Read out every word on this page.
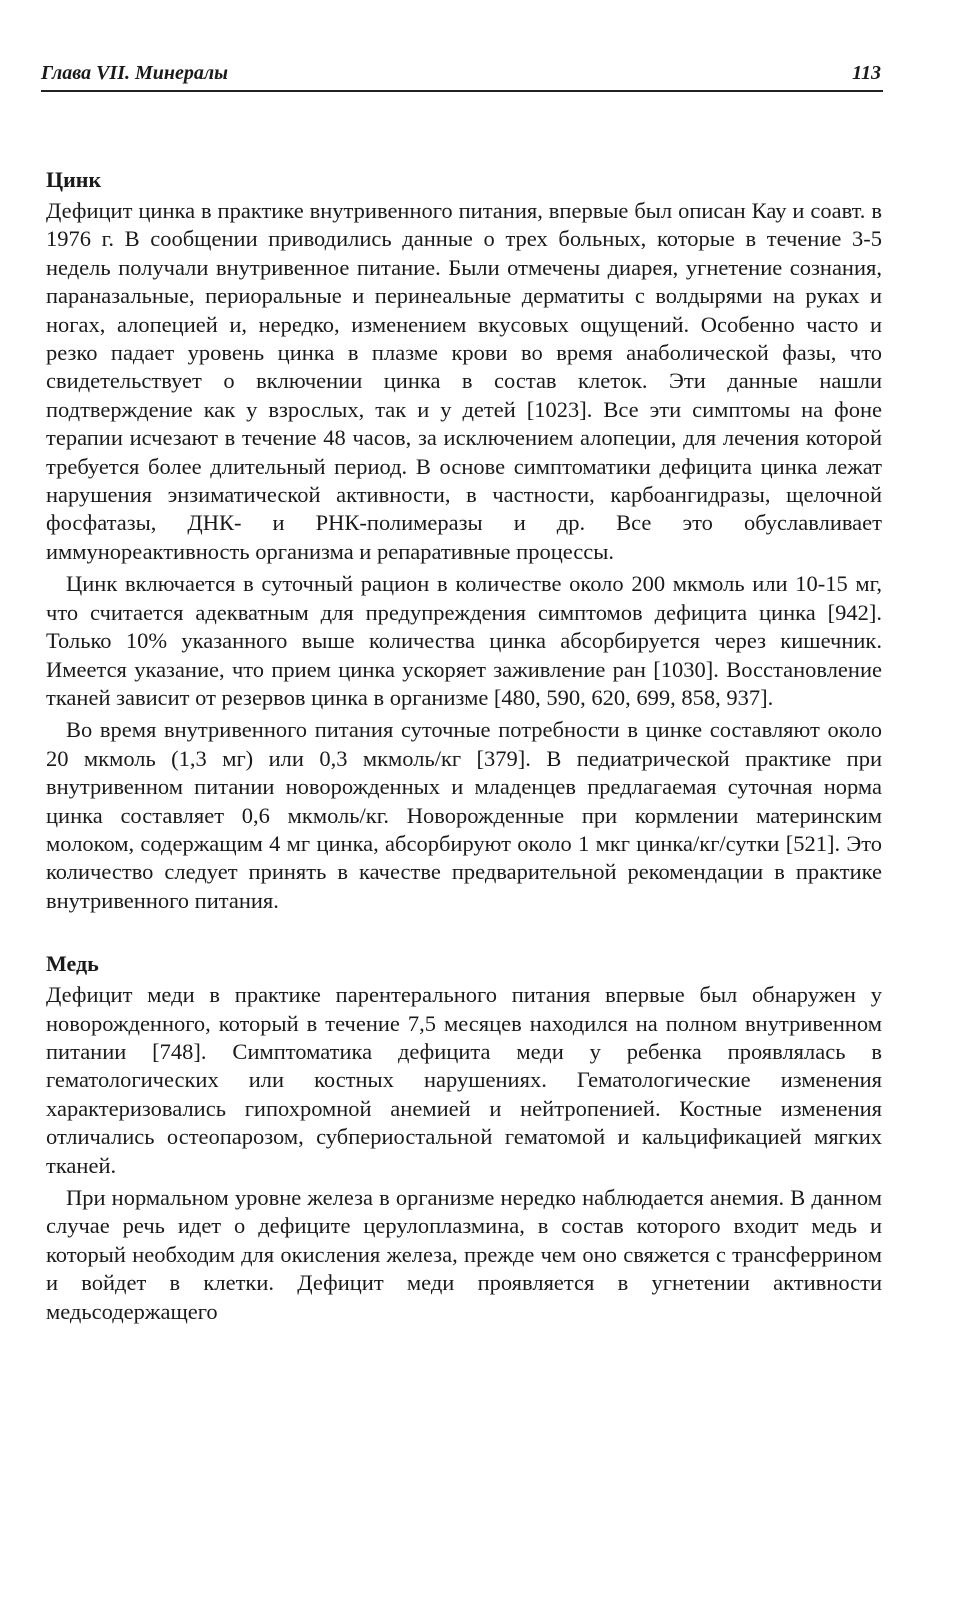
Глава VII. Минералы	113
Цинк

Дефицит цинка в практике внутривенного питания, впервые был описан Кау и соавт. в 1976 г. В сообщении приводились данные о трех больных, которые в течение 3-5 недель получали внутривенное питание. Были отмечены диарея, угнетение сознания, параназальные, периоральные и перинеальные дерматиты с волдырями на руках и ногах, алопецией и, нередко, изменением вкусовых ощущений. Особенно часто и резко падает уровень цинка в плазме крови во время анаболической фазы, что свидетельствует о включении цинка в состав клеток. Эти данные нашли подтверждение как у взрослых, так и у детей [1023]. Все эти симптомы на фоне терапии исчезают в течение 48 часов, за исключением алопеции, для лечения которой требуется более длительный период. В основе симптоматики дефицита цинка лежат нарушения энзиматической активности, в частности, карбоангидразы, щелочной фосфатазы, ДНК- и РНК-полимеразы и др. Все это обуславливает иммунореактивность организма и репаративные процессы.

Цинк включается в суточный рацион в количестве около 200 мкмоль или 10-15 мг, что считается адекватным для предупреждения симптомов дефицита цинка [942]. Только 10% указанного выше количества цинка абсорбируется через кишечник. Имеется указание, что прием цинка ускоряет заживление ран [1030]. Восстановление тканей зависит от резервов цинка в организме [480, 590, 620, 699, 858, 937].

Во время внутривенного питания суточные потребности в цинке составляют около 20 мкмоль (1,3 мг) или 0,3 мкмоль/кг [379]. В педиатрической практике при внутривенном питании новорожденных и младенцев предлагаемая суточная норма цинка составляет 0,6 мкмоль/кг. Новорожденные при кормлении материнским молоком, содержащим 4 мг цинка, абсорбируют около 1 мкг цинка/кг/сутки [521]. Это количество следует принять в качестве предварительной рекомендации в практике внутривенного питания.

Медь

Дефицит меди в практике парентерального питания впервые был обнаружен у новорожденного, который в течение 7,5 месяцев находился на полном внутривенном питании [748]. Симптоматика дефицита меди у ребенка проявлялась в гематологических или костных нарушениях. Гематологические изменения характеризовались гипохромной анемией и нейтропенией. Костные изменения отличались остеопарозом, субпериостальной гематомой и кальцификацией мягких тканей.

При нормальном уровне железа в организме нередко наблюдается анемия. В данном случае речь идет о дефиците церулоплазмина, в состав которого входит медь и который необходим для окисления железа, прежде чем оно свяжется с трансферрином и войдет в клетки. Дефицит меди проявляется в угнетении активности медьсодержащего
